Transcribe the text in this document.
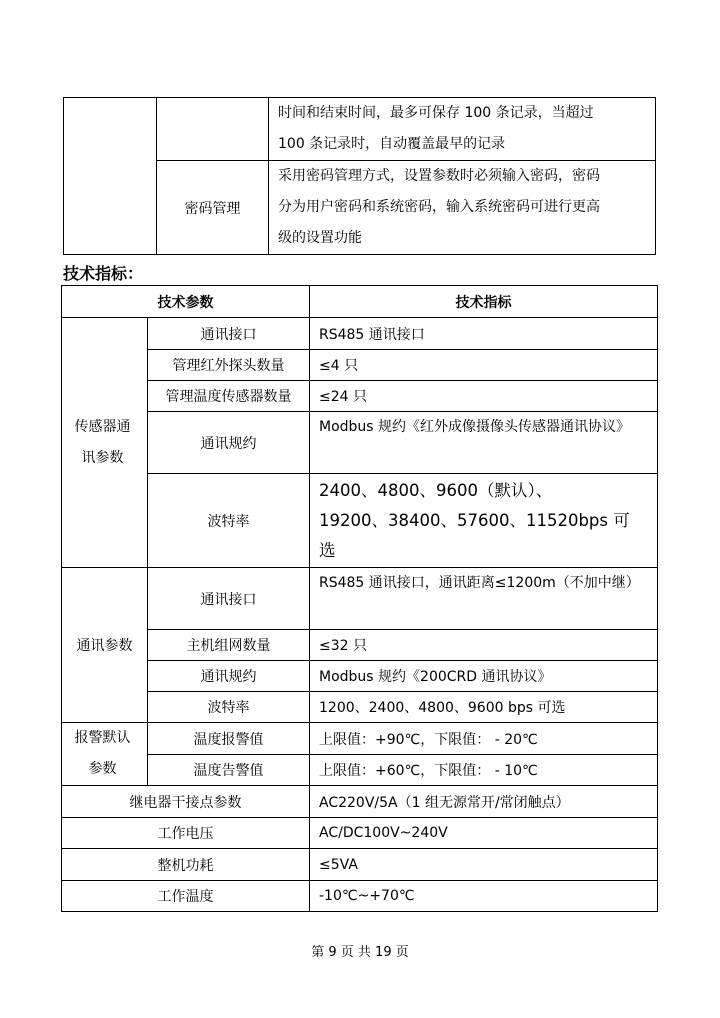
		时间和结束时间，最多可保存 100 条记录，当超过
100 条记录时，自动覆盖最早的记录

	密码管理	采用密码管理方式，设置参数时必须输入密码，密码
分为用户密码和系统密码，输入系统密码可进行更高
级的设置功能
技术指标：
技术参数		技术指标

传感器通
讯参数	通讯接口	RS485 通讯接口
	管理红外探头数量	≤4 只
	管理温度传感器数量	≤24 只
	通讯规约	Modbus 规约《红外成像摄像头传感器通讯协议》
	波特率	2400、4800、9600（默认）、
19200、38400、57600、11520bps 可
选

通讯参数	通讯接口	RS485 通讯接口，通讯距离≤1200m（不加中继）
	主机组网数量	≤32 只
	通讯规约	Modbus 规约《200CRD 通讯协议》
	波特率	1200、2400、4800、9600 bps 可选

报警默认
参数	温度报警值	上限值：+90℃，下限值： - 20℃
	温度告警值	上限值：+60℃，下限值： - 10℃
继电器干接点参数		AC220V/5A（1 组无源常开/常闭触点）
工作电压		AC/DC100V~240V
整机功耗		≤5VA
工作温度		-10℃~+70℃
第 9 页 共 19 页
